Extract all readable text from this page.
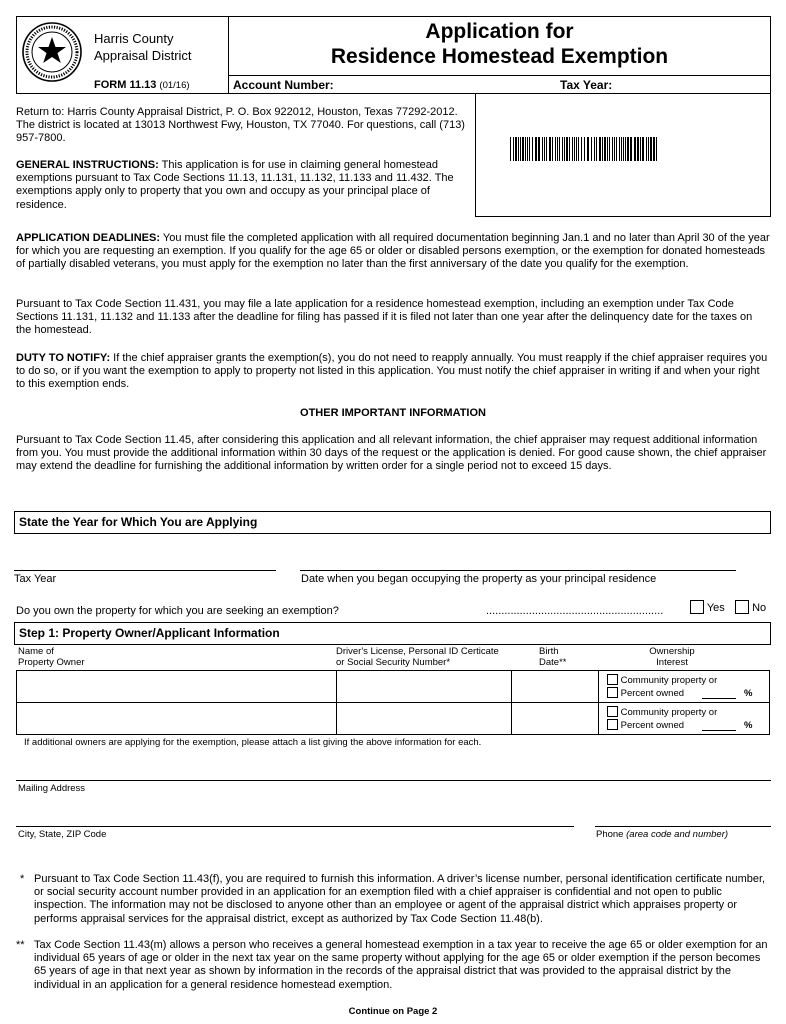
Harris County
Appraisal District
FORM 11.13 (01/16)
Application for
Residence Homestead Exemption
Account Number:	Tax Year:
Return to: Harris County Appraisal District, P. O. Box 922012, Houston, Texas 77292-2012. The district is located at 13013 Northwest Fwy, Houston, TX 77040. For questions, call (713) 957-7800.
GENERAL INSTRUCTIONS: This application is for use in claiming general homestead exemptions pursuant to Tax Code Sections 11.13, 11.131, 11.132, 11.133 and 11.432. The exemptions apply only to property that you own and occupy as your principal place of residence.
APPLICATION DEADLINES: You must file the completed application with all required documentation beginning Jan.1 and no later than April 30 of the year for which you are requesting an exemption. If you qualify for the age 65 or older or disabled persons exemption, or the exemption for donated homesteads of partially disabled veterans, you must apply for the exemption no later than the first anniversary of the date you qualify for the exemption.
Pursuant to Tax Code Section 11.431, you may file a late application for a residence homestead exemption, including an exemption under Tax Code Sections 11.131, 11.132 and 11.133 after the deadline for filing has passed if it is filed not later than one year after the delinquency date for the taxes on the homestead.
DUTY TO NOTIFY: If the chief appraiser grants the exemption(s), you do not need to reapply annually. You must reapply if the chief appraiser requires you to do so, or if you want the exemption to apply to property not listed in this application. You must notify the chief appraiser in writing if and when your right to this exemption ends.
OTHER IMPORTANT INFORMATION
Pursuant to Tax Code Section 11.45, after considering this application and all relevant information, the chief appraiser may request additional information from you. You must provide the additional information within 30 days of the request or the application is denied. For good cause shown, the chief appraiser may extend the deadline for furnishing the additional information by written order for a single period not to exceed 15 days.
State the Year for Which You are Applying
Tax Year	Date when you began occupying the property as your principal residence
Do you own the property for which you are seeking an exemption?	..........................................................	Yes	No
Step 1: Property Owner/Applicant Information
Name of
Property Owner
Driver's License, Personal ID Certicate
or Social Security Number*
Birth
Date**
Ownership
Interest
Community property or
Percent owned	%
Community property or
Percent owned	%
If additional owners are applying for the exemption, please attach a list giving the above information for each.
Mailing Address
City, State, ZIP Code	Phone (area code and number)
* Pursuant to Tax Code Section 11.43(f), you are required to furnish this information. A driver’s license number, personal identification certificate number, or social security account number provided in an application for an exemption filed with a chief appraiser is confidential and not open to public inspection. The information may not be disclosed to anyone other than an employee or agent of the appraisal district which appraises property or performs appraisal services for the appraisal district, except as authorized by Tax Code Section 11.48(b).
** Tax Code Section 11.43(m) allows a person who receives a general homestead exemption in a tax year to receive the age 65 or older exemption for an individual 65 years of age or older in the next tax year on the same property without applying for the age 65 or older exemption if the person becomes 65 years of age in that next year as shown by information in the records of the appraisal district that was provided to the appraisal district by the individual in an application for a general residence homestead exemption.
Continue on Page 2
